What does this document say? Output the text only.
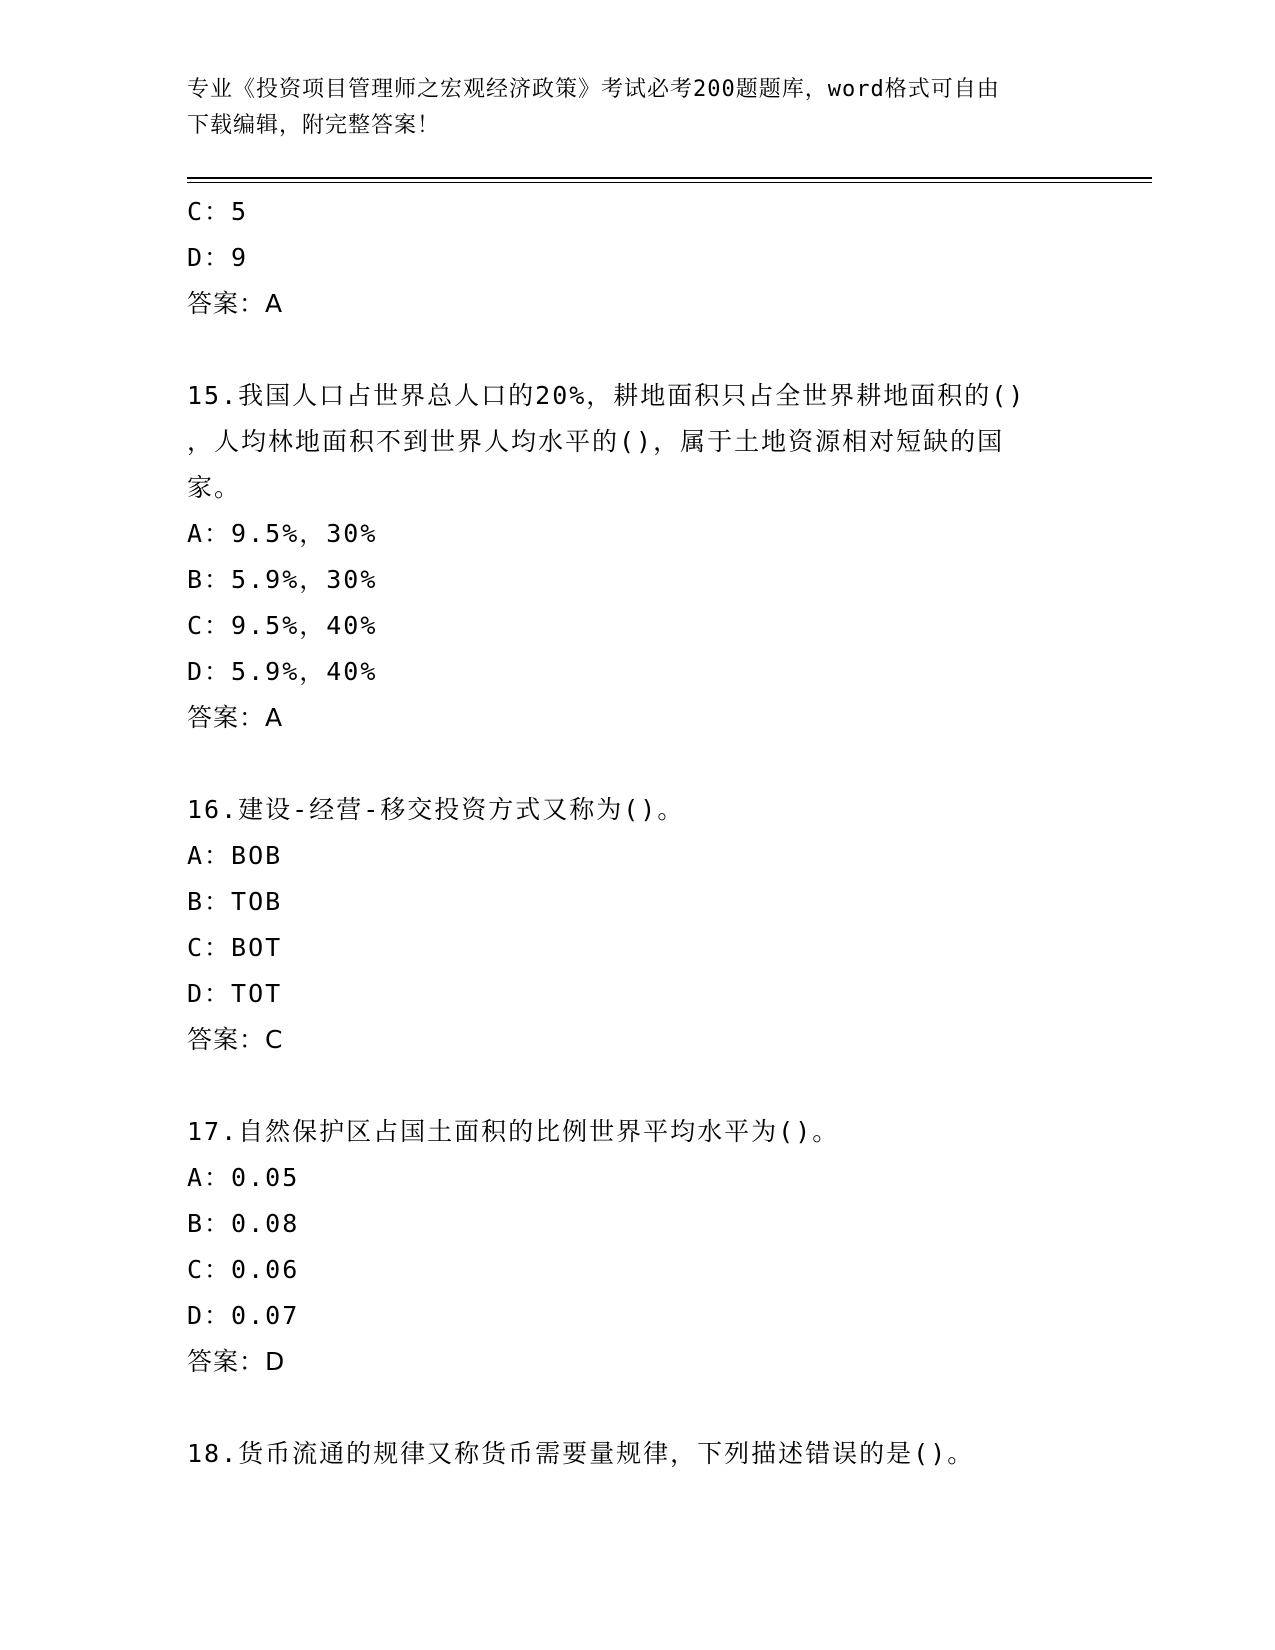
专业《投资项目管理师之宏观经济政策》考试必考200题题库，word格式可自由
下载编辑，附完整答案！
C：5
D：9
答案：A
15.我国人口占世界总人口的20%，耕地面积只占全世界耕地面积的()
，人均林地面积不到世界人均水平的()，属于土地资源相对短缺的国
家。
A：9.5%，30%
B：5.9%，30%
C：9.5%，40%
D：5.9%，40%
答案：A
16.建设-经营-移交投资方式又称为()。
A：BOB
B：TOB
C：BOT
D：TOT
答案：C
17.自然保护区占国土面积的比例世界平均水平为()。
A：0.05
B：0.08
C：0.06
D：0.07
答案：D
18.货币流通的规律又称货币需要量规律，下列描述错误的是()。
